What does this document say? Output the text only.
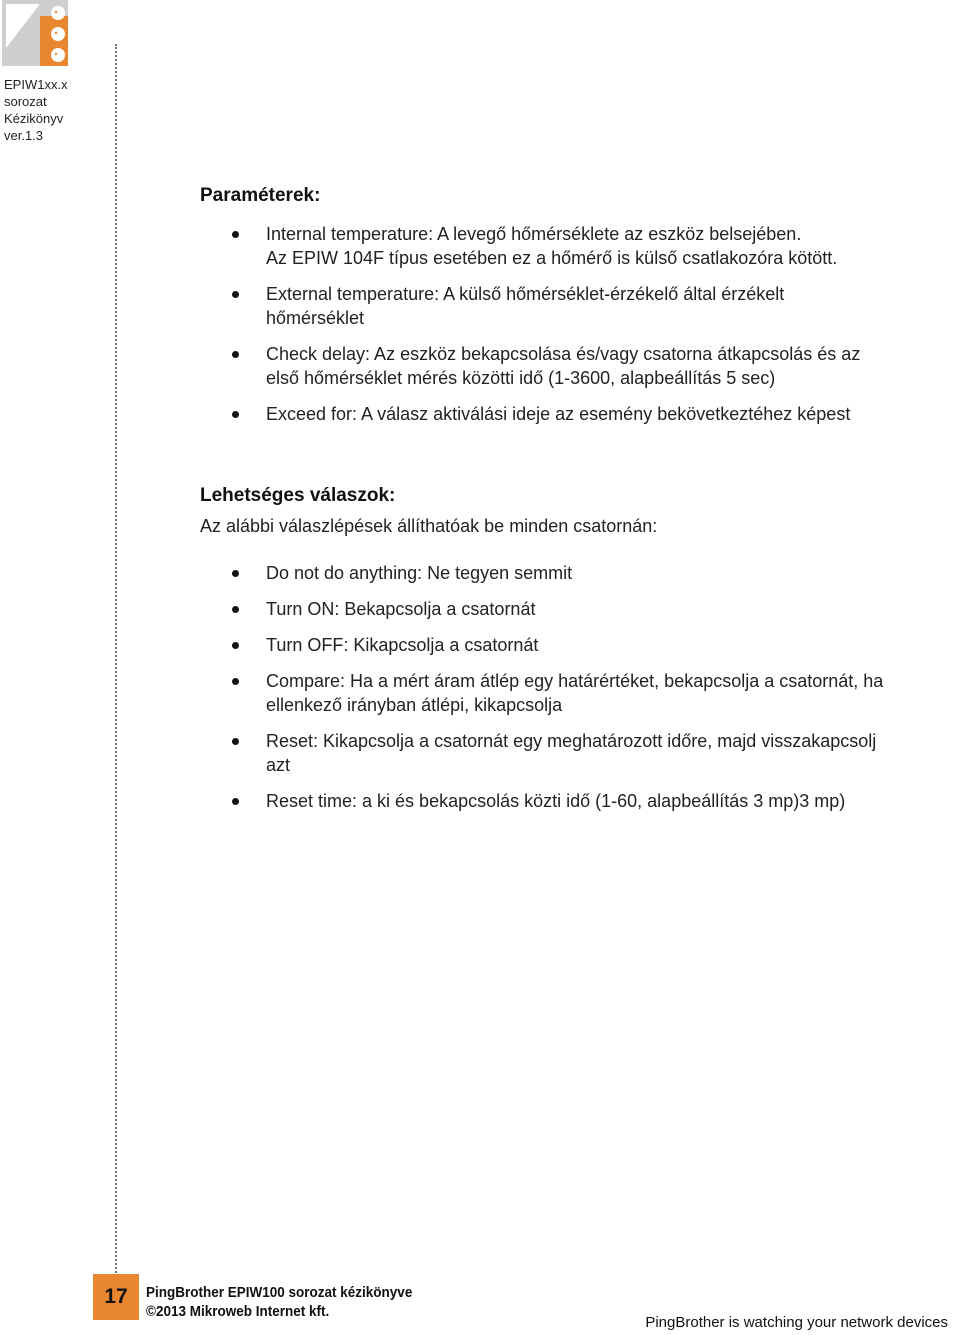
EPIW1xx.x
sorozat
Kézikönyv
ver.1.3
Paraméterek:
Internal temperature: A levegő hőmérséklete az eszköz belsejében.
Az EPIW 104F típus esetében ez a hőmérő is külső csatlakozóra kötött.
External temperature: A külső hőmérséklet-érzékelő által érzékelt
hőmérséklet
Check delay: Az eszköz bekapcsolása és/vagy csatorna átkapcsolás és az
első hőmérséklet mérés közötti idő (1-3600, alapbeállítás 5 sec)
Exceed for: A válasz aktiválási ideje az esemény bekövetkeztéhez képest
Lehetséges válaszok:

Az alábbi válaszlépések állíthatóak be minden csatornán:

Do not do anything: Ne tegyen semmit
Turn ON: Bekapcsolja a csatornát
Turn OFF: Kikapcsolja a csatornát
Compare: Ha a mért áram átlép egy határértéket, bekapcsolja a csatornát, ha
ellenkező irányban átlépi, kikapcsolja
Reset: Kikapcsolja a csatornát egy meghatározott időre, majd visszakapcsolj
azt
Reset time: a ki és bekapcsolás közti idő (1-60, alapbeállítás 3 mp)3 mp)
17	PingBrother EPIW100 sorozat kézikönyve
©2013 Mikroweb Internet kft.
PingBrother is watching your network devices
